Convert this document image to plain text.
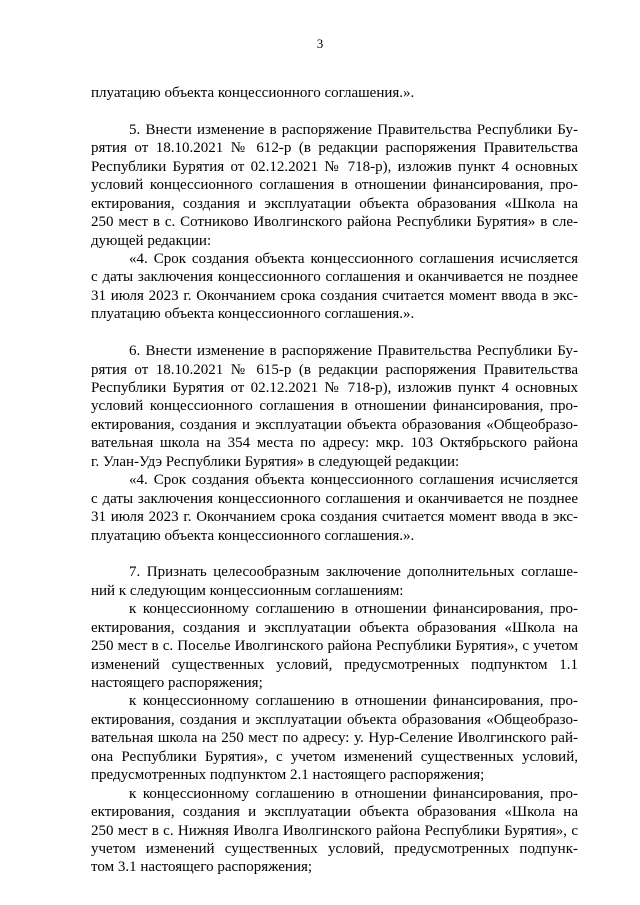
3
плуатацию объекта концессионного соглашения.».
5. Внести изменение в распоряжение Правительства Республики Бу-
рятия от 18.10.2021 № 612-р (в редакции распоряжения Правительства
Республики Бурятия от 02.12.2021 № 718-р), изложив пункт 4 основных
условий концессионного соглашения в отношении финансирования, про-
ектирования, создания и эксплуатации объекта образования «Школа на
250 мест в с. Сотниково Иволгинского района Республики Бурятия» в сле-
дующей редакции:
«4. Срок создания объекта концессионного соглашения исчисляется
с даты заключения концессионного соглашения и оканчивается не позднее
31 июля 2023 г. Окончанием срока создания считается момент ввода в экс-
плуатацию объекта концессионного соглашения.».
6. Внести изменение в распоряжение Правительства Республики Бу-
рятия от 18.10.2021 № 615-р (в редакции распоряжения Правительства
Республики Бурятия от 02.12.2021 № 718-р), изложив пункт 4 основных
условий концессионного соглашения в отношении финансирования, про-
ектирования, создания и эксплуатации объекта образования «Общеобразо-
вательная школа на 354 места по адресу: мкр. 103 Октябрьского района
г. Улан-Удэ Республики Бурятия» в следующей редакции:
«4. Срок создания объекта концессионного соглашения исчисляется
с даты заключения концессионного соглашения и оканчивается не позднее
31 июля 2023 г. Окончанием срока создания считается момент ввода в экс-
плуатацию объекта концессионного соглашения.».
7. Признать целесообразным заключение дополнительных соглаше-
ний к следующим концессионным соглашениям:
к концессионному соглашению в отношении финансирования, про-
ектирования, создания и эксплуатации объекта образования «Школа на
250 мест в с. Поселье Иволгинского района Республики Бурятия», с учетом
изменений существенных условий, предусмотренных подпунктом 1.1
настоящего распоряжения;
к концессионному соглашению в отношении финансирования, про-
ектирования, создания и эксплуатации объекта образования «Общеобразо-
вательная школа на 250 мест по адресу: у. Нур-Селение Иволгинского рай-
она Республики Бурятия», с учетом изменений существенных условий,
предусмотренных подпунктом 2.1 настоящего распоряжения;
к концессионному соглашению в отношении финансирования, про-
ектирования, создания и эксплуатации объекта образования «Школа на
250 мест в с. Нижняя Иволга Иволгинского района Республики Бурятия», с
учетом изменений существенных условий, предусмотренных подпунк-
том 3.1 настоящего распоряжения;
